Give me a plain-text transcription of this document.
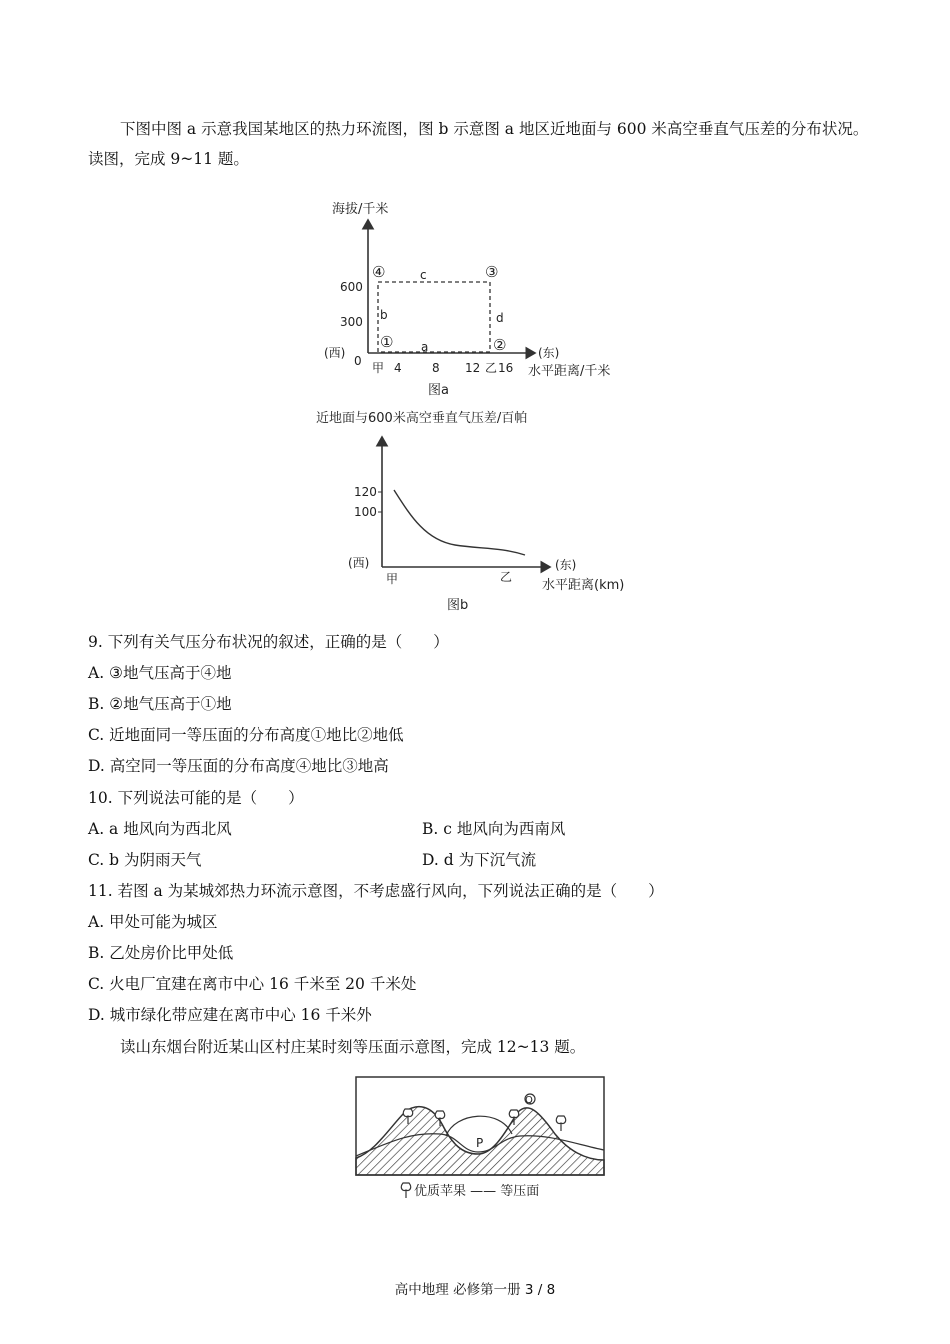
下图中图 a 示意我国某地区的热力环流图，图 b 示意图 a 地区近地面与 600 米高空垂直气压差的分布状况。读图，完成 9~11 题。
海拔/千米
600
300
0
(西)	(东)
甲 4	8 12 乙 16 水平距离/千米
④	③
①	②
c
b	d
a
图a
近地面与600米高空垂直气压差/百帕
120
100
(西)	(东)
甲	乙
水平距离(km)
图b
9. 下列有关气压分布状况的叙述，正确的是（　　）
A. ③地气压高于④地
B. ②地气压高于①地
C. 近地面同一等压面的分布高度①地比②地低
D. 高空同一等压面的分布高度④地比③地高
10. 下列说法可能的是（　　）
A. a 地风向为西北风	B. c 地风向为西南风
C. b 为阴雨天气	D. d 为下沉气流
11. 若图 a 为某城郊热力环流示意图，不考虑盛行风向，下列说法正确的是（　　）
A. 甲处可能为城区
B. 乙处房价比甲处低
C. 火电厂宜建在离市中心 16 千米至 20 千米处
D. 城市绿化带应建在离市中心 16 千米外
读山东烟台附近某山区村庄某时刻等压面示意图，完成 12~13 题。
Q
P
优质苹果 —— 等压面
高中地理 必修第一册 3 / 8
